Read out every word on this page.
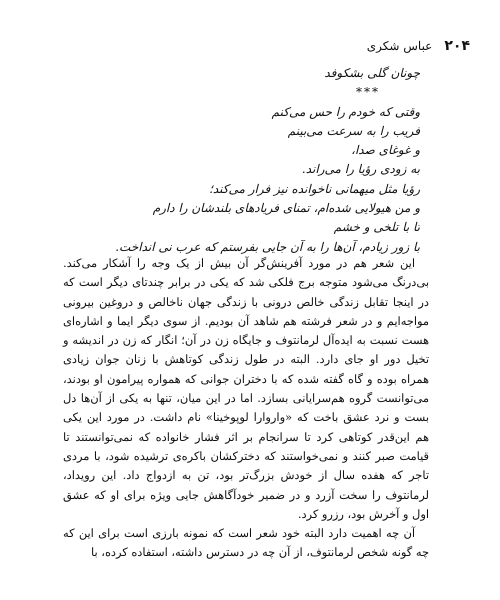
۲۰۴
عباس شکری

چونان گلی بشکوفد

***

وقتی که خودم را حس می‌کنم

فریب را به سرعت می‌بینم

و غوغای صدا،

به زودی رؤیا را می‌راند.

رؤیا مثل میهمانی ناخوانده نیز فرار می‌کند؛

و من هیولایی شده‌ام، تمنای فریادهای بلندشان را دارم

تا با تلخی و خشم

با زور زیادم، آن‌ها را به آن جایی بفرستم که عرب نی انداخت.

این شعر هم در مورد آفرینش‌گر آن بیش از یک وجه را آشکار می‌کند. بی‌درنگ می‌شود متوجه برج فلکی شد که یکی در برابر چندتای دیگر است که در اینجا تقابل زندگی خالص درونی با زندگی جهان ناخالص و دروغین بیرونی مواجه‌ایم و در شعر فرشته هم شاهد آن بودیم. از سوی دیگر ایما و اشاره‌ای هست نسبت به ایده‌آل لرمانتوف و جایگاه زن در آن؛ انگار که زن در اندیشه و تخیل دور او جای دارد. البته در طول زندگی کوتاهش با زنان جوان زیادی همراه بوده و گاه گفته شده که با دختران جوانی که همواره پیرامون او بودند، می‌توانست گروه هم‌سرایانی بسازد. اما در این میان، تنها به یکی از آن‌ها دل بست و نرد عشق باخت که «واروارا لوپوخینا» نام داشت. در مورد این یکی هم این‌قدر کوتاهی کرد تا سرانجام بر اثر فشار خانواده که نمی‌توانستند تا قیامت صبر کنند و نمی‌خواستند که دخترکشان باکره‌ی ترشیده شود، با مردی تاجر که هفده سال از خودش بزرگ‌تر بود، تن به ازدواج داد. این رویداد، لرمانتوف را سخت آزرد و در ضمیر خودآگاهش جایی ویژه برای او که عشق اول و آخرش بود، رزرو کرد.

آن چه اهمیت دارد البته خود شعر است که نمونه بارزی است برای این که چه گونه شخص لرمانتوف، از آن چه در دسترس داشته، استفاده کرده، با
